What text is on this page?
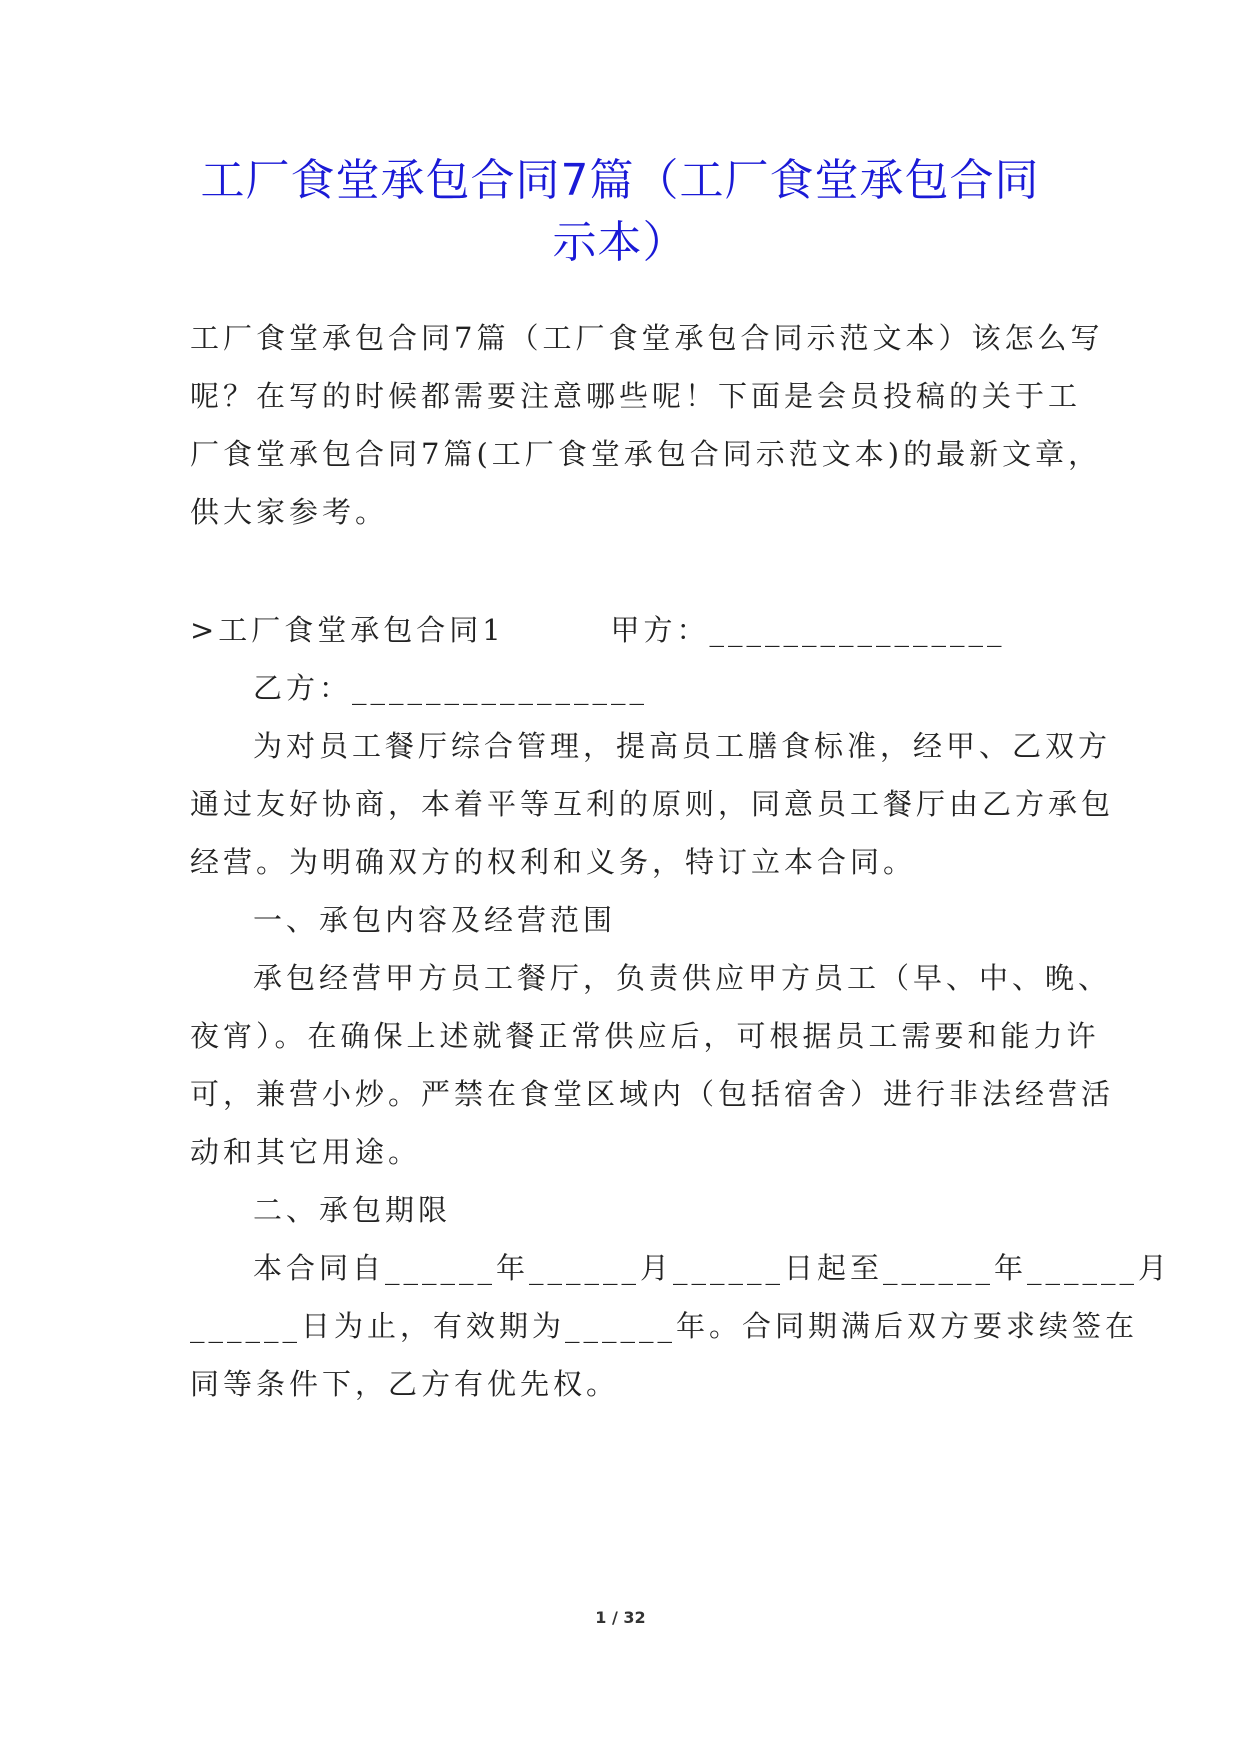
工厂食堂承包合同7篇（工厂食堂承包合同
示本）

工厂食堂承包合同7篇（工厂食堂承包合同示范文本）该怎么写

呢？在写的时候都需要注意哪些呢！下面是会员投稿的关于工

厂食堂承包合同7篇(工厂食堂承包合同示范文本)的最新文章，

供大家参考。

>工厂食堂承包合同1        甲方：________________

乙方：________________

为对员工餐厅综合管理，提高员工膳食标准，经甲、乙双方

通过友好协商，本着平等互利的原则，同意员工餐厅由乙方承包

经营。为明确双方的权利和义务，特订立本合同。

一、承包内容及经营范围

承包经营甲方员工餐厅，负责供应甲方员工（早、中、晚、

夜宵）。在确保上述就餐正常供应后，可根据员工需要和能力许

可，兼营小炒。严禁在食堂区域内（包括宿舍）进行非法经营活

动和其它用途。

二、承包期限

本合同自______年______月______日起至______年______月

______日为止，有效期为______年。合同期满后双方要求续签在

同等条件下，乙方有优先权。

1 / 32
